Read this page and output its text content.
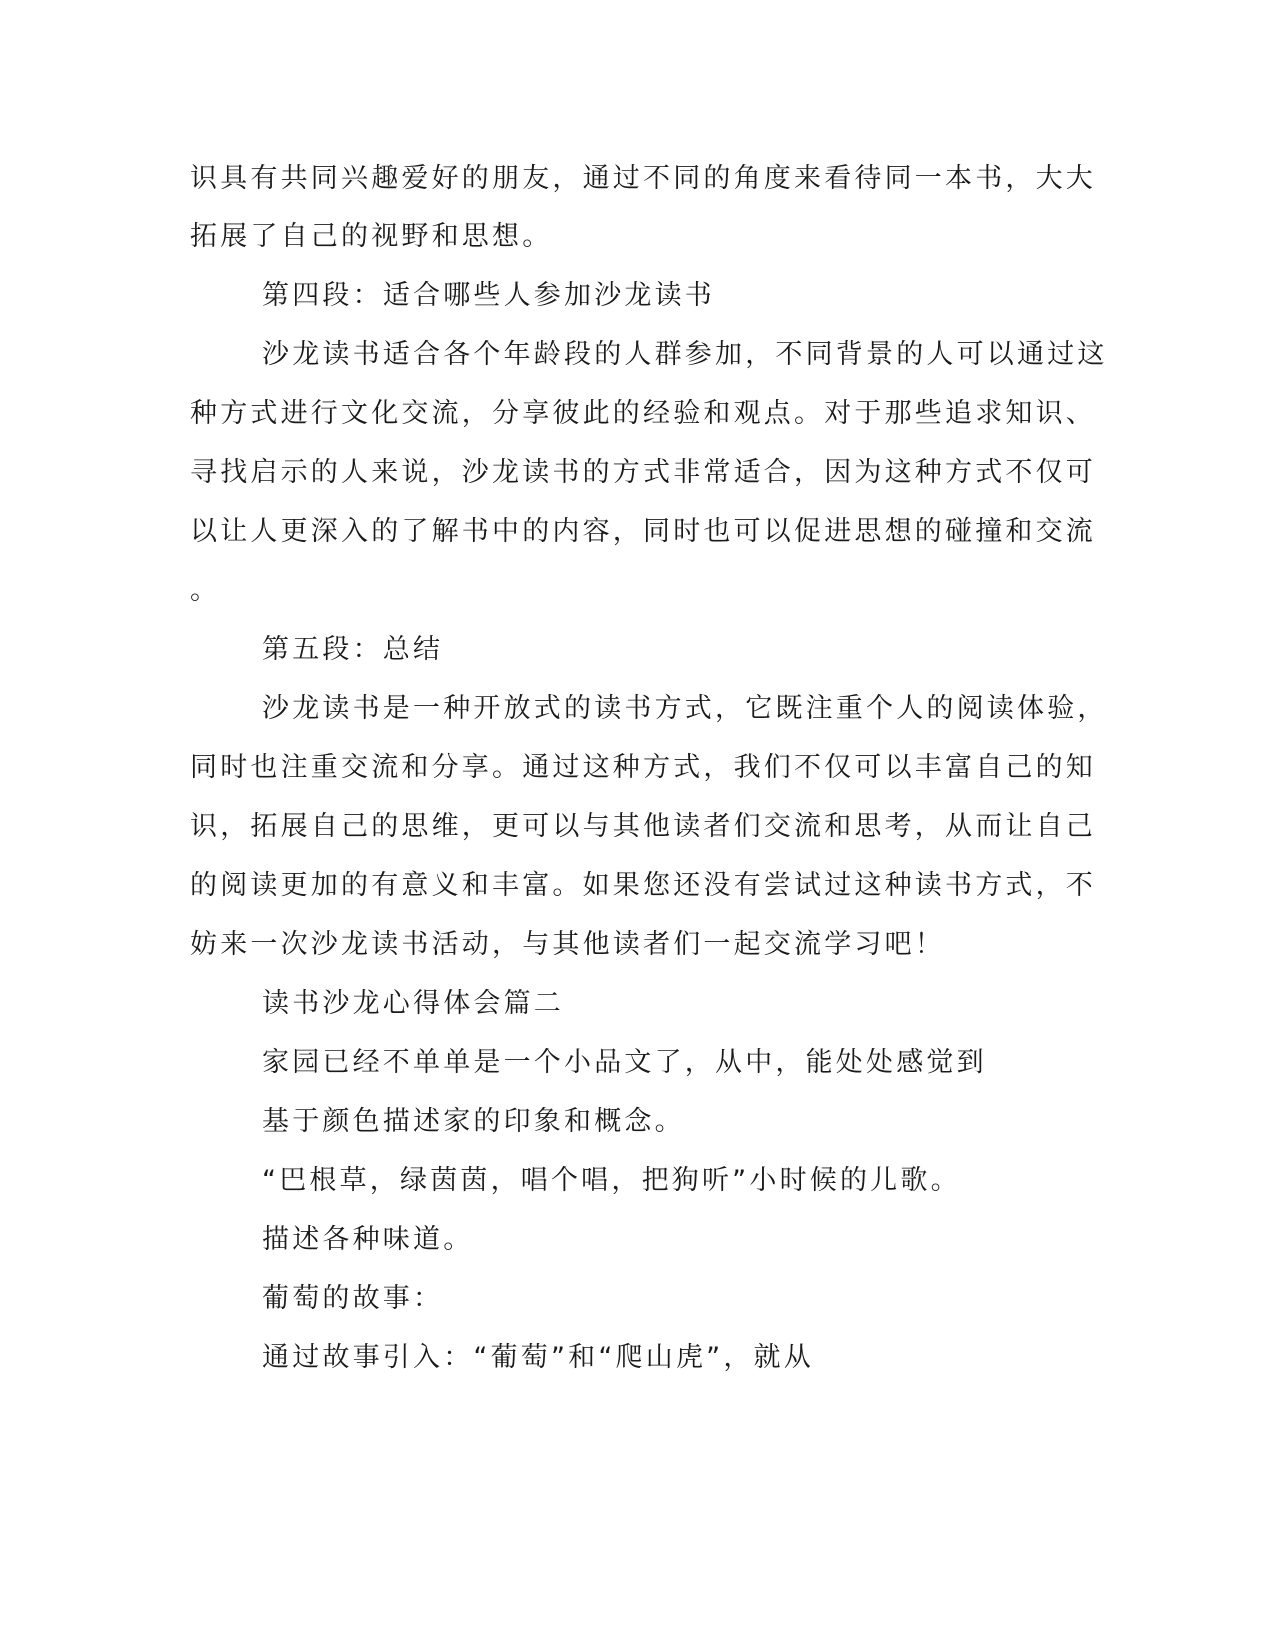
识具有共同兴趣爱好的朋友，通过不同的角度来看待同一本书，大大
拓展了自己的视野和思想。
第四段：适合哪些人参加沙龙读书
沙龙读书适合各个年龄段的人群参加，不同背景的人可以通过这
种方式进行文化交流，分享彼此的经验和观点。对于那些追求知识、
寻找启示的人来说，沙龙读书的方式非常适合，因为这种方式不仅可
以让人更深入的了解书中的内容，同时也可以促进思想的碰撞和交流
。
第五段：总结
沙龙读书是一种开放式的读书方式，它既注重个人的阅读体验，
同时也注重交流和分享。通过这种方式，我们不仅可以丰富自己的知
识，拓展自己的思维，更可以与其他读者们交流和思考，从而让自己
的阅读更加的有意义和丰富。如果您还没有尝试过这种读书方式，不
妨来一次沙龙读书活动，与其他读者们一起交流学习吧！
读书沙龙心得体会篇二
家园已经不单单是一个小品文了，从中，能处处感觉到
基于颜色描述家的印象和概念。
“巴根草，绿茵茵，唱个唱，把狗听”小时候的儿歌。
描述各种味道。
葡萄的故事：
通过故事引入：“葡萄”和“爬山虎”，就从
